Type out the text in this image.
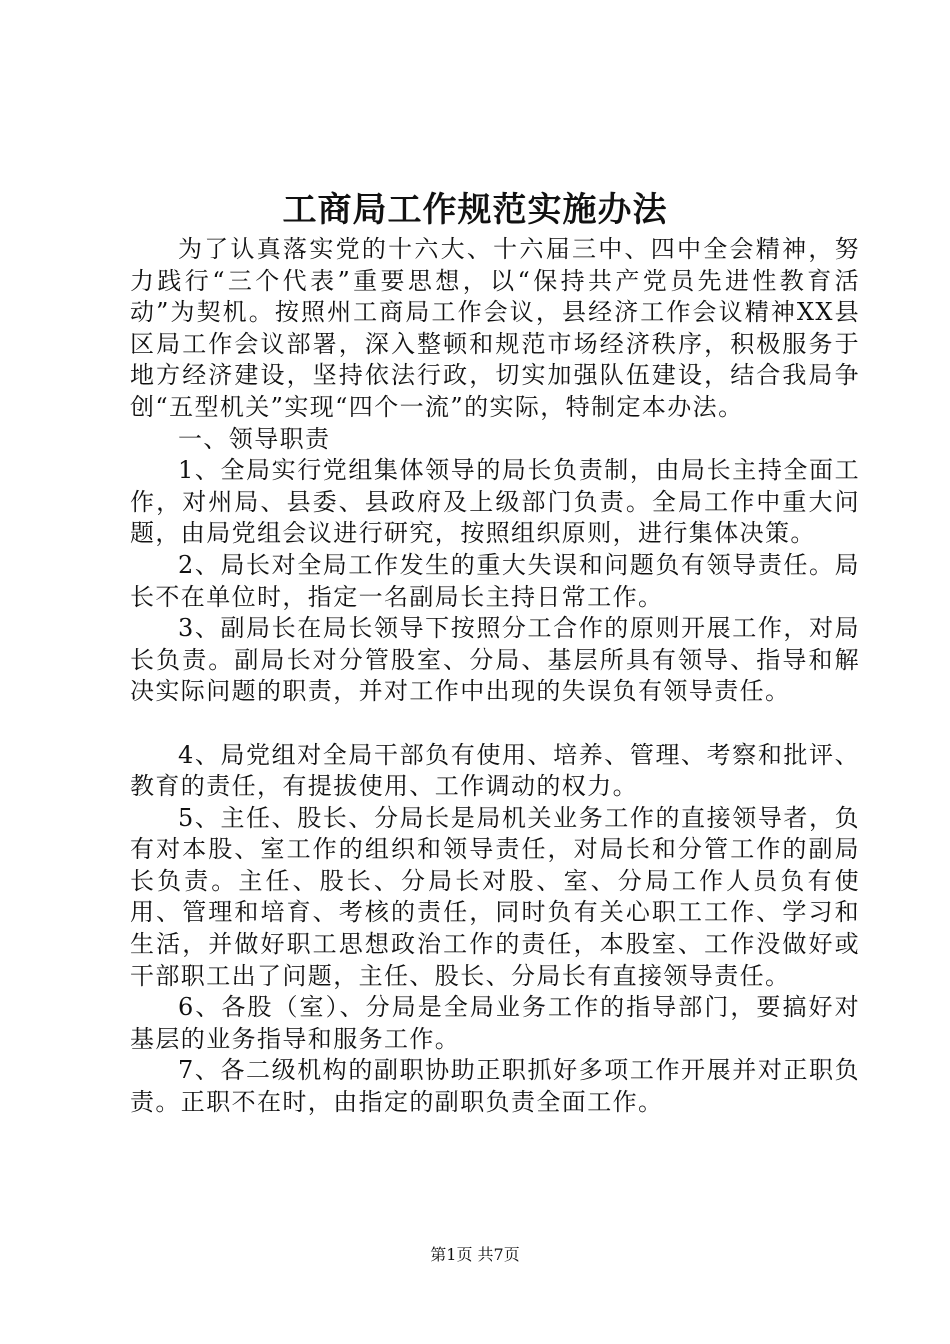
工商局工作规范实施办法

为了认真落实党的十六大、十六届三中、四中全会精神，努力践行“三个代表”重要思想，以“保持共产党员先进性教育活动”为契机。按照州工商局工作会议，县经济工作会议精神XX县区局工作会议部署，深入整顿和规范市场经济秩序，积极服务于地方经济建设，坚持依法行政，切实加强队伍建设，结合我局争创“五型机关”实现“四个一流”的实际，特制定本办法。

一、领导职责

1、全局实行党组集体领导的局长负责制，由局长主持全面工作，对州局、县委、县政府及上级部门负责。全局工作中重大问题，由局党组会议进行研究，按照组织原则，进行集体决策。

2、局长对全局工作发生的重大失误和问题负有领导责任。局长不在单位时，指定一名副局长主持日常工作。

3、副局长在局长领导下按照分工合作的原则开展工作，对局长负责。副局长对分管股室、分局、基层所具有领导、指导和解决实际问题的职责，并对工作中出现的失误负有领导责任。

4、局党组对全局干部负有使用、培养、管理、考察和批评、教育的责任，有提拔使用、工作调动的权力。

5、主任、股长、分局长是局机关业务工作的直接领导者，负有对本股、室工作的组织和领导责任，对局长和分管工作的副局长负责。主任、股长、分局长对股、室、分局工作人员负有使用、管理和培育、考核的责任，同时负有关心职工工作、学习和生活，并做好职工思想政治工作的责任，本股室、工作没做好或干部职工出了问题，主任、股长、分局长有直接领导责任。

6、各股（室）、分局是全局业务工作的指导部门，要搞好对基层的业务指导和服务工作。

7、各二级机构的副职协助正职抓好多项工作开展并对正职负责。正职不在时，由指定的副职负责全面工作。

第1页 共7页
